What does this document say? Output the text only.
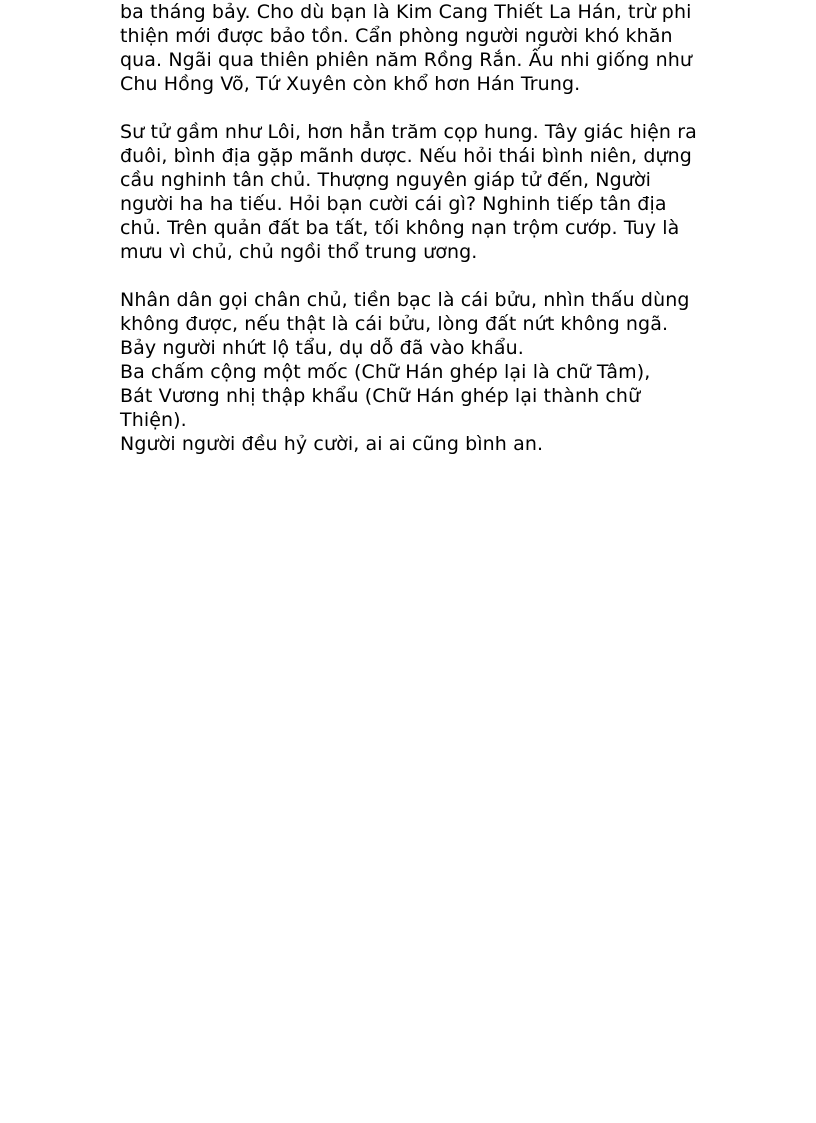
ba tháng bảy. Cho dù bạn là Kim Cang Thiết La Hán, trừ phi
thiện mới được bảo tồn. Cẩn phòng người người khó khăn
qua. Ngãi qua thiên phiên năm Rồng Rắn. Ấu nhi giống như
Chu Hồng Võ, Tứ Xuyên còn khổ hơn Hán Trung.

Sư tử gầm như Lôi, hơn hẳn trăm cọp hung. Tây giác hiện ra
đuôi, bình địa gặp mãnh dược. Nếu hỏi thái bình niên, dựng
cầu nghinh tân chủ. Thượng nguyên giáp tử đến, Người
người ha ha tiếu. Hỏi bạn cười cái gì? Nghinh tiếp tân địa
chủ. Trên quản đất ba tất, tối không nạn trộm cướp. Tuy là
mưu vì chủ, chủ ngồi thổ trung ương.

Nhân dân gọi chân chủ, tiền bạc là cái bửu, nhìn thấu dùng
không được, nếu thật là cái bửu, lòng đất nứt không ngã.
Bảy người nhứt lộ tẩu, dụ dỗ đã vào khẩu.
Ba chấm cộng một mốc (Chữ Hán ghép lại là chữ Tâm),
Bát Vương nhị thập khẩu (Chữ Hán ghép lại thành chữ
Thiện).
Người người đều hỷ cười, ai ai cũng bình an.
